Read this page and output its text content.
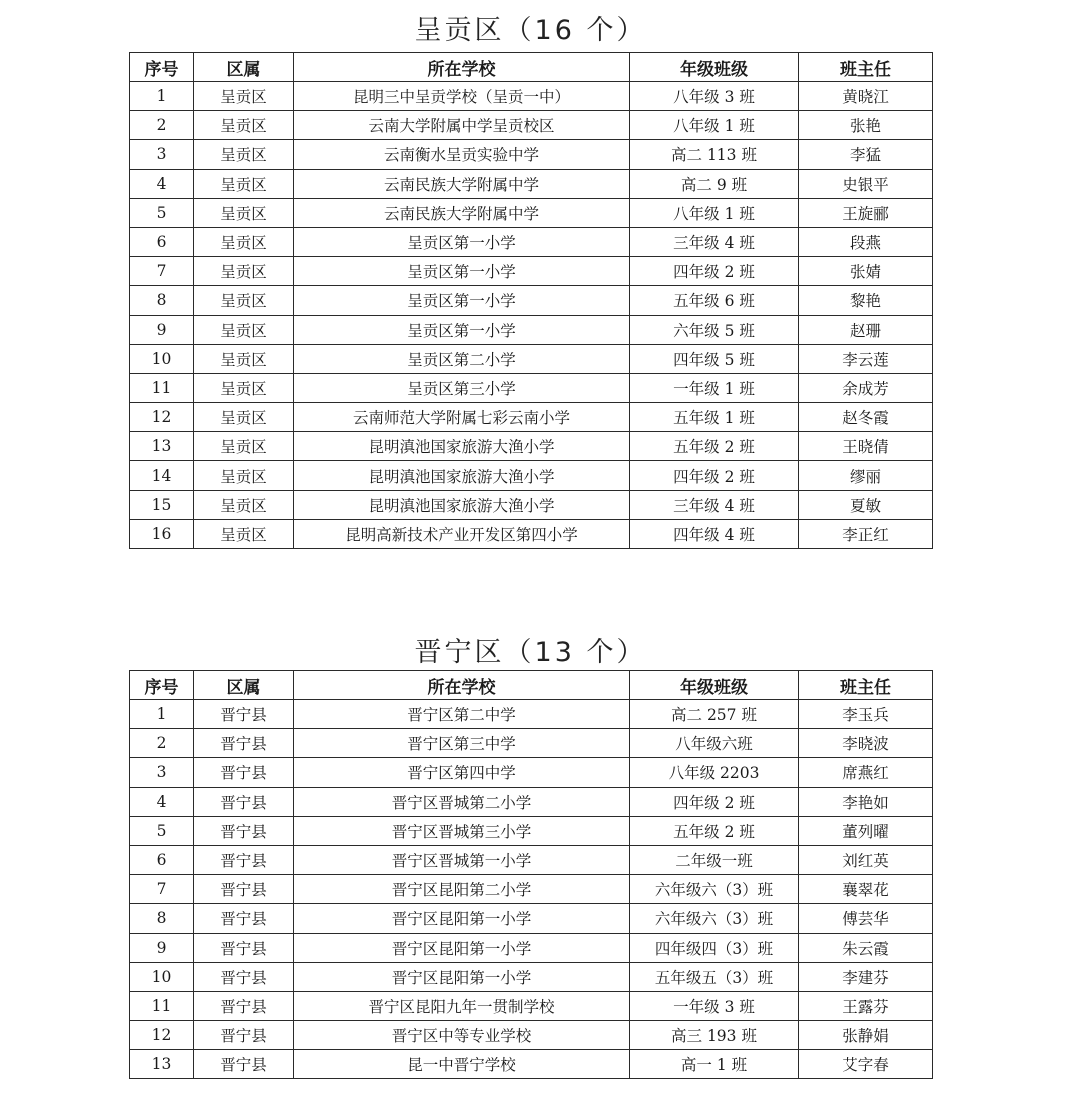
呈贡区（16 个）
序号	区属	所在学校	年级班级	班主任
1	呈贡区	昆明三中呈贡学校（呈贡一中）	八年级 3 班	黄晓江
2	呈贡区	云南大学附属中学呈贡校区	八年级 1 班	张艳
3	呈贡区	云南衡水呈贡实验中学	高二 113 班	李猛
4	呈贡区	云南民族大学附属中学	高二 9 班	史银平
5	呈贡区	云南民族大学附属中学	八年级 1 班	王旋郦
6	呈贡区	呈贡区第一小学	三年级 4 班	段燕
7	呈贡区	呈贡区第一小学	四年级 2 班	张婧
8	呈贡区	呈贡区第一小学	五年级 6 班	黎艳
9	呈贡区	呈贡区第一小学	六年级 5 班	赵珊
10	呈贡区	呈贡区第二小学	四年级 5 班	李云莲
11	呈贡区	呈贡区第三小学	一年级 1 班	余成芳
12	呈贡区	云南师范大学附属七彩云南小学	五年级 1 班	赵冬霞
13	呈贡区	昆明滇池国家旅游大渔小学	五年级 2 班	王晓倩
14	呈贡区	昆明滇池国家旅游大渔小学	四年级 2 班	缪丽
15	呈贡区	昆明滇池国家旅游大渔小学	三年级 4 班	夏敏
16	呈贡区	昆明高新技术产业开发区第四小学	四年级 4 班	李正红
晋宁区（13 个）
序号	区属	所在学校	年级班级	班主任
1	晋宁县	晋宁区第二中学	高二 257 班	李玉兵
2	晋宁县	晋宁区第三中学	八年级六班	李晓波
3	晋宁县	晋宁区第四中学	八年级 2203	席燕红
4	晋宁县	晋宁区晋城第二小学	四年级 2 班	李艳如
5	晋宁县	晋宁区晋城第三小学	五年级 2 班	董列曜
6	晋宁县	晋宁区晋城第一小学	二年级一班	刘红英
7	晋宁县	晋宁区昆阳第二小学	六年级六（3）班	襄翠花
8	晋宁县	晋宁区昆阳第一小学	六年级六（3）班	傅芸华
9	晋宁县	晋宁区昆阳第一小学	四年级四（3）班	朱云霞
10	晋宁县	晋宁区昆阳第一小学	五年级五（3）班	李建芬
11	晋宁县	晋宁区昆阳九年一贯制学校	一年级 3 班	王露芬
12	晋宁县	晋宁区中等专业学校	高三 193 班	张静娟
13	晋宁县	昆一中晋宁学校	高一 1 班	艾字春
